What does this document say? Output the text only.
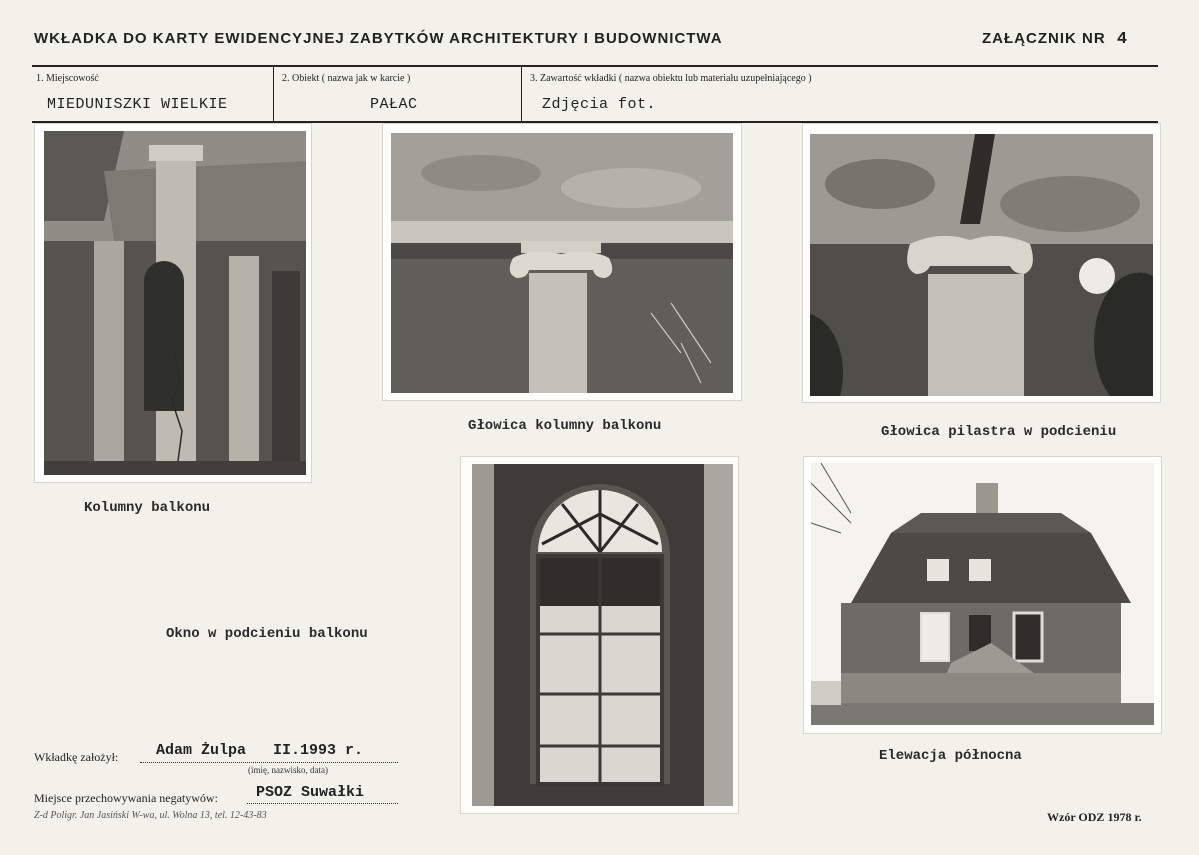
WKŁADKA DO KARTY EWIDENCYJNEJ ZABYTKÓW ARCHITEKTURY I BUDOWNICTWA	ZAŁĄCZNIK NR 4
1. Miejscowość	2. Obiekt ( nazwa jak w karcie )	3. Zawartość wkładki ( nazwa obiektu lub materiału uzupełniającego )
MIEDUNISZKI WIELKIE	PAŁAC	Zdjęcia fot.
Kolumny balkonu
Głowica kolumny balkonu	Głowica pilastra w podcieniu
Okno w podcieniu balkonu
Elewacja północna
Wkładkę założył:	Adam Żulpa   II.1993 r.
(imię, nazwisko, data)
Miejsce przechowywania negatywów:	PSOZ Suwałki
Z-d Poligr. Jan Jasiński W-wa, ul. Wolna 13, tel. 12-43-83	Wzór ODZ 1978 r.
